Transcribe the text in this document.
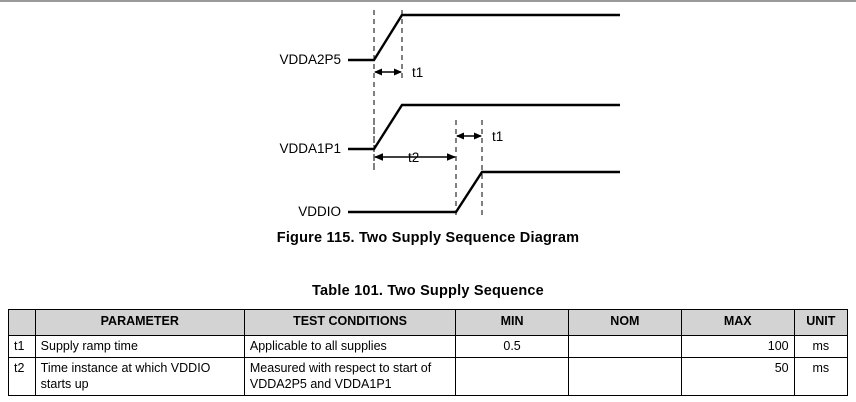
VDDA2P5
VDDA1P1
VDDIO
t1
t2
t1
Figure 115. Two Supply Sequence Diagram
Table 101. Two Supply Sequence
	PARAMETER	TEST CONDITIONS	MIN	NOM	MAX	UNIT
t1	Supply ramp time	Applicable to all supplies	0.5		100	ms
t2	Time instance at which VDDIO starts up	Measured with respect to start of VDDA2P5 and VDDA1P1			50	ms
